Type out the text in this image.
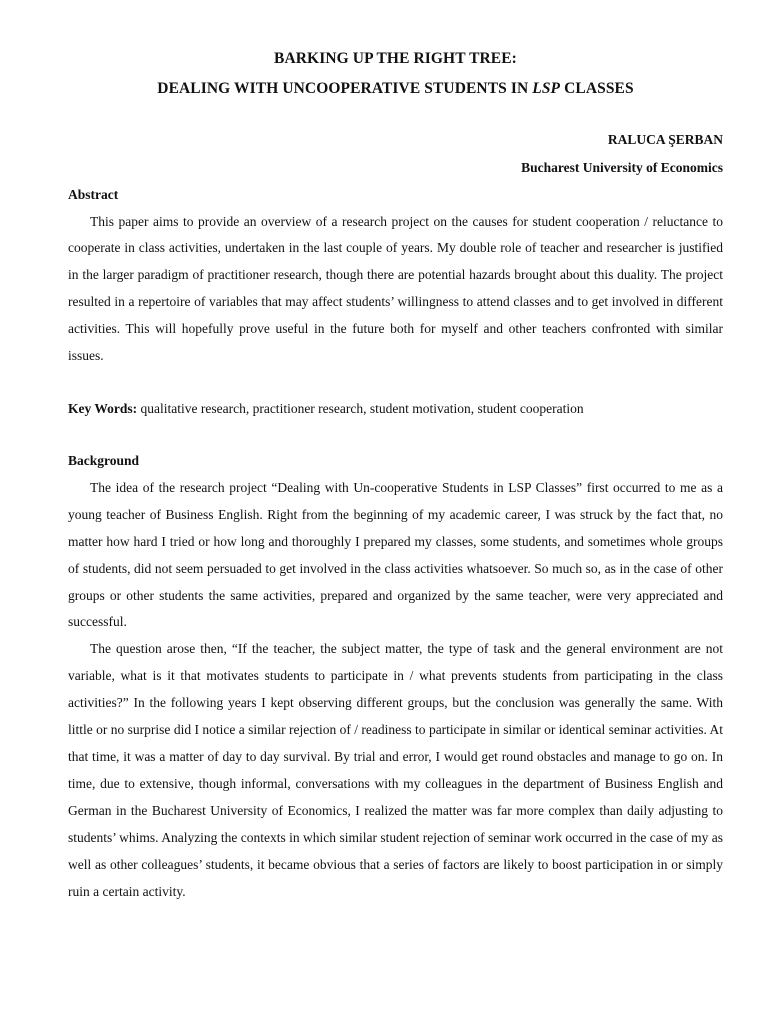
BARKING UP THE RIGHT TREE:
DEALING WITH UNCOOPERATIVE STUDENTS IN LSP CLASSES
RALUCA ŞERBAN
Bucharest University of Economics
Abstract

This paper aims to provide an overview of a research project on the causes for student cooperation / reluctance to cooperate in class activities, undertaken in the last couple of years. My double role of teacher and researcher is justified in the larger paradigm of practitioner research, though there are potential hazards brought about this duality. The project resulted in a repertoire of variables that may affect students’ willingness to attend classes and to get involved in different activities. This will hopefully prove useful in the future both for myself and other teachers confronted with similar issues.

Key Words: qualitative research, practitioner research, student motivation, student cooperation
Background

The idea of the research project “Dealing with Un-cooperative Students in LSP Classes” first occurred to me as a young teacher of Business English. Right from the beginning of my academic career, I was struck by the fact that, no matter how hard I tried or how long and thoroughly I prepared my classes, some students, and sometimes whole groups of students, did not seem persuaded to get involved in the class activities whatsoever. So much so, as in the case of other groups or other students the same activities, prepared and organized by the same teacher, were very appreciated and successful.

The question arose then, “If the teacher, the subject matter, the type of task and the general environment are not variable, what is it that motivates students to participate in / what prevents students from participating in the class activities?” In the following years I kept observing different groups, but the conclusion was generally the same. With little or no surprise did I notice a similar rejection of / readiness to participate in similar or identical seminar activities. At that time, it was a matter of day to day survival. By trial and error, I would get round obstacles and manage to go on. In time, due to extensive, though informal, conversations with my colleagues in the department of Business English and German in the Bucharest University of Economics, I realized the matter was far more complex than daily adjusting to students’ whims. Analyzing the contexts in which similar student rejection of seminar work occurred in the case of my as well as other colleagues’ students, it became obvious that a series of factors are likely to boost participation in or simply ruin a certain activity.
